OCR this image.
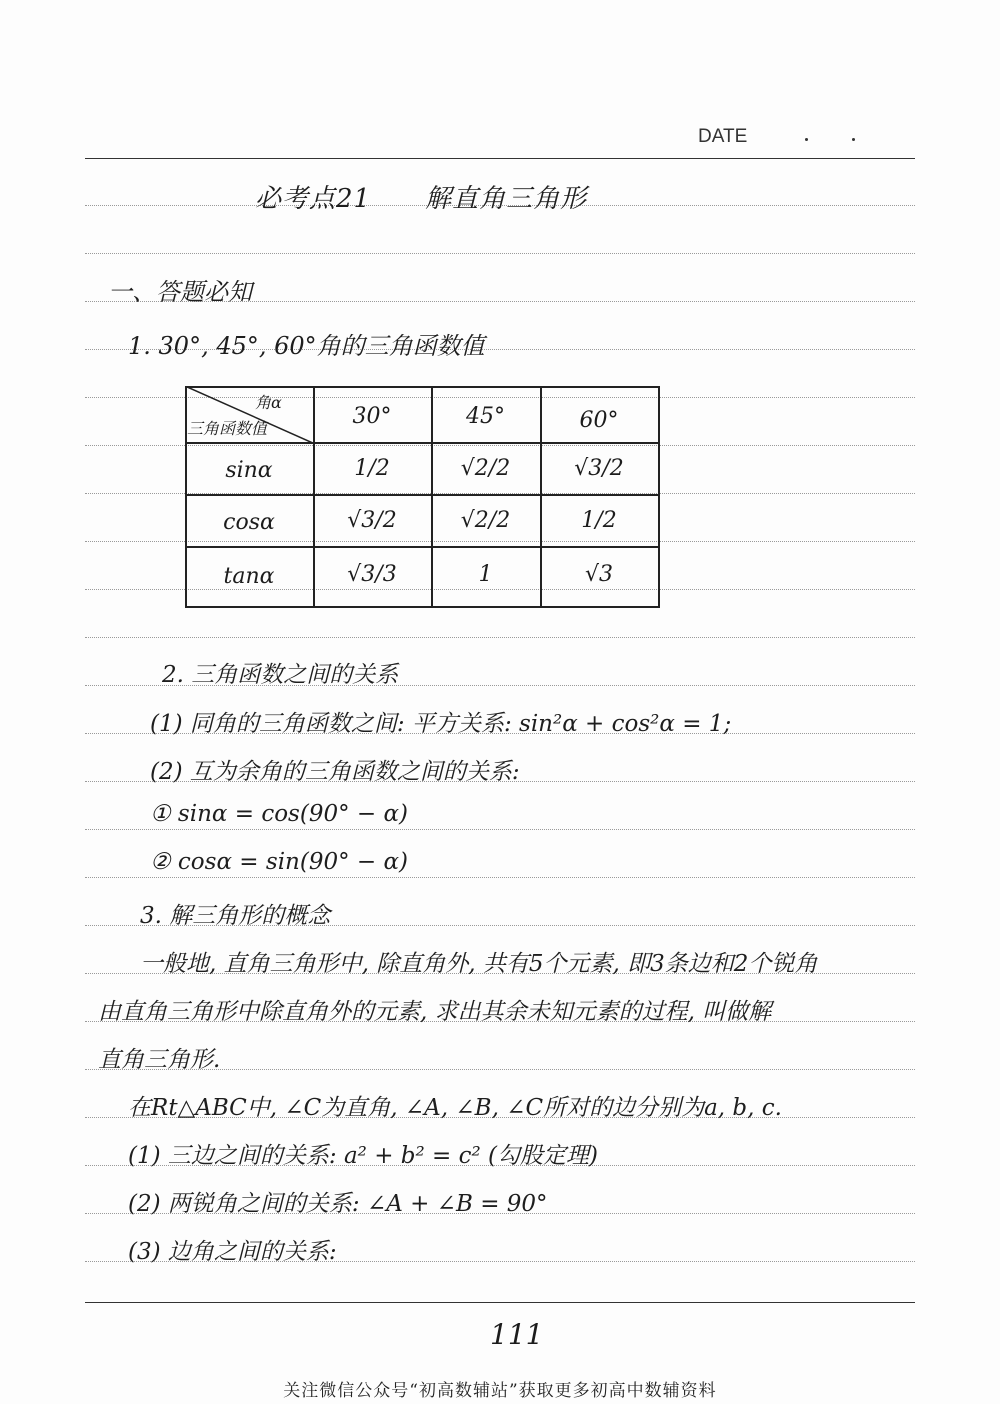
DATE
必考点21 解直角三角形
一、答题必知
1. 30°, 45°, 60°角的三角函数值
角α
三角函数值	30°	45°	60°
sinα	1/2	√2/2	√3/2
cosα	√3/2	√2/2	1/2
tanα	√3/3	1	√3
2. 三角函数之间的关系
(1) 同角的三角函数之间: 平方关系: sin²α + cos²α = 1;
(2) 互为余角的三角函数之间的关系:
① sinα = cos(90° − α)
② cosα = sin(90° − α)
3. 解三角形的概念
一般地, 直角三角形中, 除直角外, 共有5个元素, 即3条边和2个锐角
由直角三角形中除直角外的元素, 求出其余未知元素的过程, 叫做解
直角三角形.
在Rt△ABC中, ∠C为直角, ∠A, ∠B, ∠C所对的边分别为a, b, c.
(1) 三边之间的关系: a² + b² = c² (勾股定理)
(2) 两锐角之间的关系: ∠A + ∠B = 90°
(3) 边角之间的关系:
111
关注微信公众号“初高数辅站”获取更多初高中数辅资料
